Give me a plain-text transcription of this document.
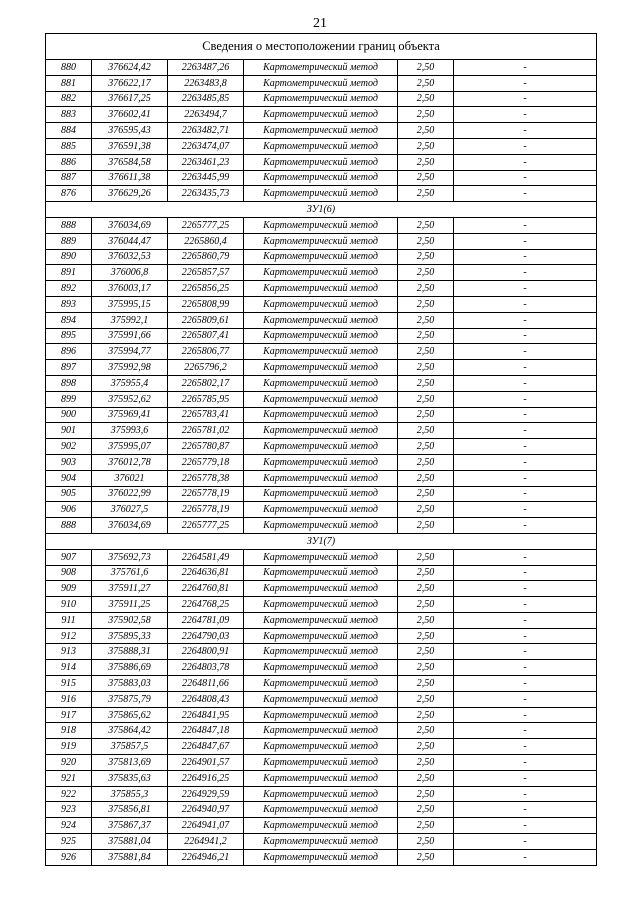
21
Сведения о местоположении границ объекта					
880	376624,42	2263487,26	Картометрический метод	2,50	-
881	376622,17	2263483,8	Картометрический метод	2,50	-
882	376617,25	2263485,85	Картометрический метод	2,50	-
883	376602,41	2263494,7	Картометрический метод	2,50	-
884	376595,43	2263482,71	Картометрический метод	2,50	-
885	376591,38	2263474,07	Картометрический метод	2,50	-
886	376584,58	2263461,23	Картометрический метод	2,50	-
887	376611,38	2263445,99	Картометрический метод	2,50	-
876	376629,26	2263435,73	Картометрический метод	2,50	-
ЗУ1(6)					
888	376034,69	2265777,25	Картометрический метод	2,50	-
889	376044,47	2265860,4	Картометрический метод	2,50	-
890	376032,53	2265860,79	Картометрический метод	2,50	-
891	376006,8	2265857,57	Картометрический метод	2,50	-
892	376003,17	2265856,25	Картометрический метод	2,50	-
893	375995,15	2265808,99	Картометрический метод	2,50	-
894	375992,1	2265809,61	Картометрический метод	2,50	-
895	375991,66	2265807,41	Картометрический метод	2,50	-
896	375994,77	2265806,77	Картометрический метод	2,50	-
897	375992,98	2265796,2	Картометрический метод	2,50	-
898	375955,4	2265802,17	Картометрический метод	2,50	-
899	375952,62	2265785,95	Картометрический метод	2,50	-
900	375969,41	2265783,41	Картометрический метод	2,50	-
901	375993,6	2265781,02	Картометрический метод	2,50	-
902	375995,07	2265780,87	Картометрический метод	2,50	-
903	376012,78	2265779,18	Картометрический метод	2,50	-
904	376021	2265778,38	Картометрический метод	2,50	-
905	376022,99	2265778,19	Картометрический метод	2,50	-
906	376027,5	2265778,19	Картометрический метод	2,50	-
888	376034,69	2265777,25	Картометрический метод	2,50	-
ЗУ1(7)					
907	375692,73	2264581,49	Картометрический метод	2,50	-
908	375761,6	2264636,81	Картометрический метод	2,50	-
909	375911,27	2264760,81	Картометрический метод	2,50	-
910	375911,25	2264768,25	Картометрический метод	2,50	-
911	375902,58	2264781,09	Картометрический метод	2,50	-
912	375895,33	2264790,03	Картометрический метод	2,50	-
913	375888,31	2264800,91	Картометрический метод	2,50	-
914	375886,69	2264803,78	Картометрический метод	2,50	-
915	375883,03	2264811,66	Картометрический метод	2,50	-
916	375875,79	2264808,43	Картометрический метод	2,50	-
917	375865,62	2264841,95	Картометрический метод	2,50	-
918	375864,42	2264847,18	Картометрический метод	2,50	-
919	375857,5	2264847,67	Картометрический метод	2,50	-
920	375813,69	2264901,57	Картометрический метод	2,50	-
921	375835,63	2264916,25	Картометрический метод	2,50	-
922	375855,3	2264929,59	Картометрический метод	2,50	-
923	375856,81	2264940,97	Картометрический метод	2,50	-
924	375867,37	2264941,07	Картометрический метод	2,50	-
925	375881,04	2264941,2	Картометрический метод	2,50	-
926	375881,84	2264946,21	Картометрический метод	2,50	-
